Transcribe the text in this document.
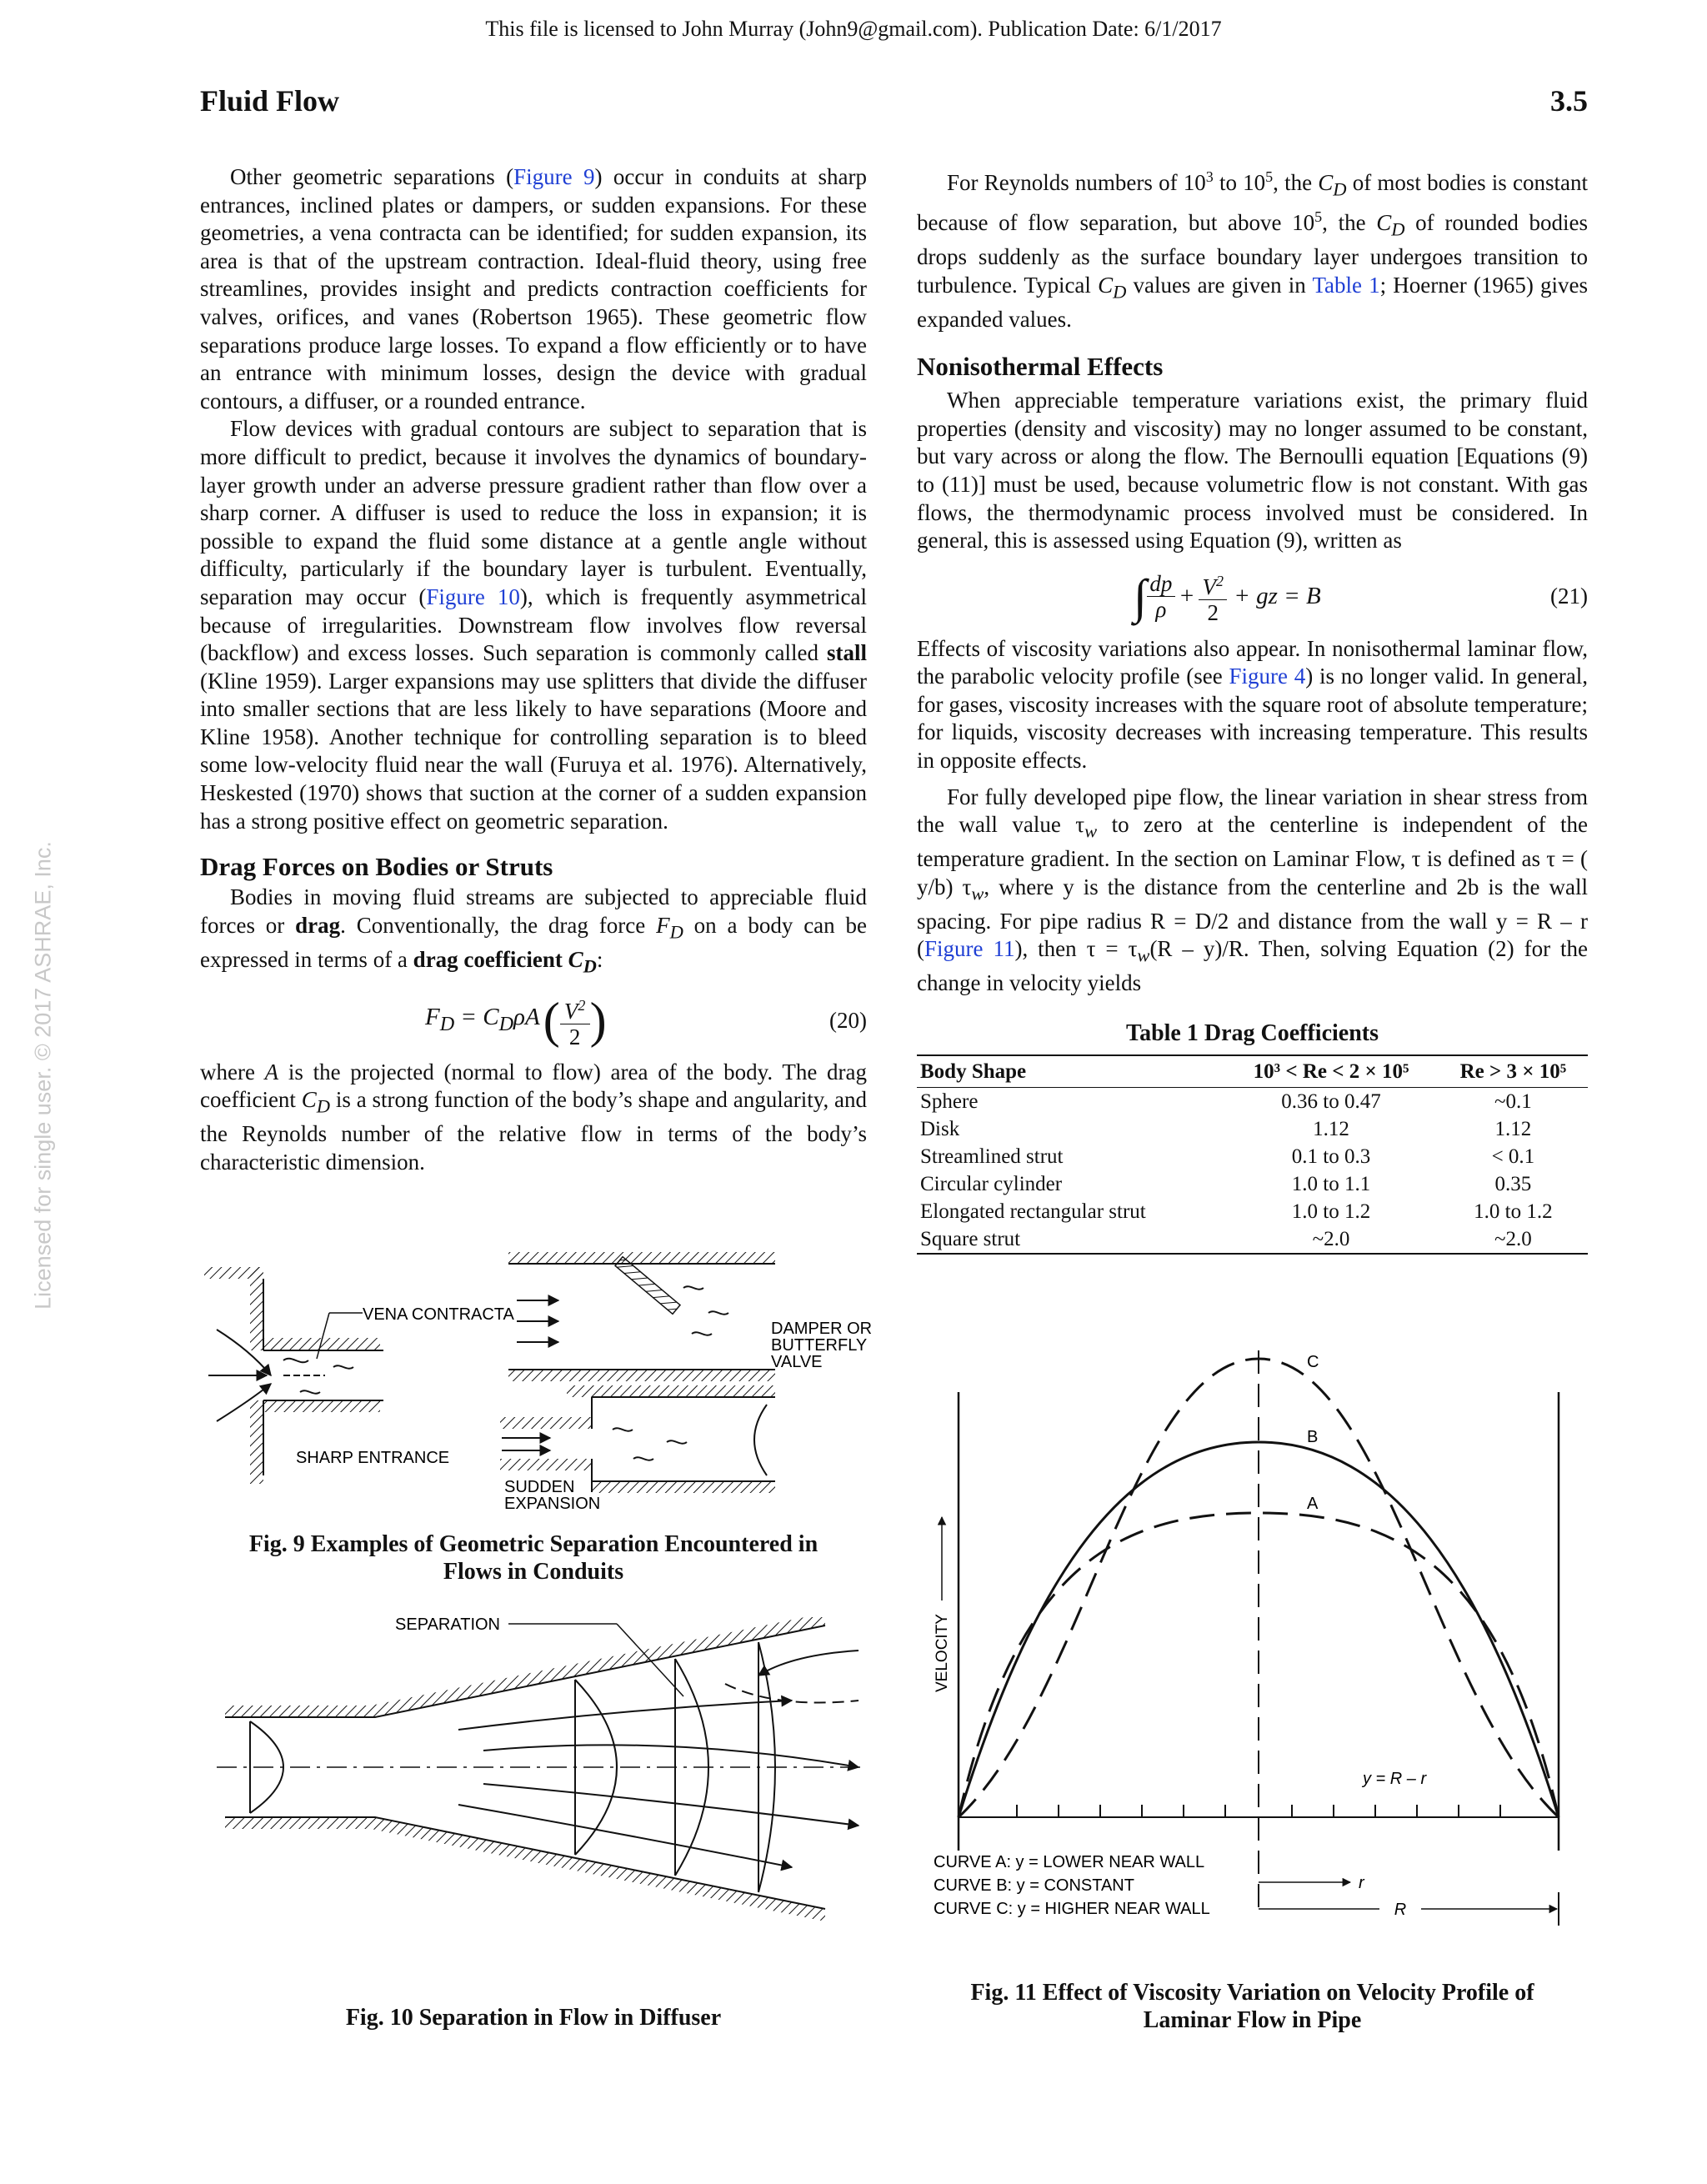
This file is licensed to John Murray (John9@gmail.com). Publication Date: 6/1/2017
Fluid Flow	3.5
Licensed for single user. © 2017 ASHRAE, Inc.

Other geometric separations (Figure 9) occur in conduits at sharp entrances, inclined plates or dampers, or sudden expansions. For these geometries, a vena contracta can be identified; for sudden expansion, its area is that of the upstream contraction. Ideal-fluid theory, using free streamlines, provides insight and predicts contraction coefficients for valves, orifices, and vanes (Robertson 1965). These geometric flow separations produce large losses. To expand a flow efficiently or to have an entrance with minimum losses, design the device with gradual contours, a diffuser, or a rounded entrance.

Flow devices with gradual contours are subject to separation that is more difficult to predict, because it involves the dynamics of boundary-layer growth under an adverse pressure gradient rather than flow over a sharp corner. A diffuser is used to reduce the loss in expansion; it is possible to expand the fluid some distance at a gentle angle without difficulty, particularly if the boundary layer is turbulent. Eventually, separation may occur (Figure 10), which is frequently asymmetrical because of irregularities. Downstream flow involves flow reversal (backflow) and excess losses. Such separation is commonly called stall (Kline 1959). Larger expansions may use splitters that divide the diffuser into smaller sections that are less likely to have separations (Moore and Kline 1958). Another technique for controlling separation is to bleed some low-velocity fluid near the wall (Furuya et al. 1976). Alternatively, Heskested (1970) shows that suction at the corner of a sudden expansion has a strong positive effect on geometric separation.

Drag Forces on Bodies or Struts

Bodies in moving fluid streams are subjected to appreciable fluid forces or drag. Conventionally, the drag force $F_D$ on a body can be expressed in terms of a drag coefficient $C_D$:

$F_D = C_D\rho A$ ( $V^2$
2 )	(20)
where A is the projected (normal to flow) area of the body. The drag coefficient $C_D$ is a strong function of the body’s shape and angularity, and the Reynolds number of the relative flow in terms of the body’s characteristic dimension.
VENA CONTRACTA
SHARP ENTRANCE
DAMPER OR
BUTTERFLY
VALVE
SUDDEN
EXPANSION
Fig. 9 Examples of Geometric Separation Encountered in
Flows in Conduits
SEPARATION
Fig. 10 Separation in Flow in Diffuser

For Reynolds numbers of $10^3$ to $10^5$, the $C_D$ of most bodies is constant because of flow separation, but above $10^5$, the $C_D$ of rounded bodies drops suddenly as the surface boundary layer undergoes transition to turbulence. Typical $C_D$ values are given in Table 1; Hoerner (1965) gives expanded values.

Nonisothermal Effects

When appreciable temperature variations exist, the primary fluid properties (density and viscosity) may no longer assumed to be constant, but vary across or along the flow. The Bernoulli equation [Equations (9) to (11)] must be used, because volumetric flow is not constant. With gas flows, the thermodynamic process involved must be considered. In general, this is assessed using Equation (9), written as

∫ dp
ρ
+ $\frac{V^2}{2}$ + gz = B	(21)
Effects of viscosity variations also appear. In nonisothermal laminar flow, the parabolic velocity profile (see Figure 4) is no longer valid. In general, for gases, viscosity increases with the square root of absolute temperature; for liquids, viscosity decreases with increasing temperature. This results in opposite effects.

For fully developed pipe flow, the linear variation in shear stress from the wall value $\tau_w$ to zero at the centerline is independent of the temperature gradient. In the section on Laminar Flow, τ is defined as τ = ( y/b) $\tau_w$, where y is the distance from the centerline and 2b is the wall spacing. For pipe radius R = D/2 and distance from the wall y = R – r (Figure 11), then $\tau = \tau_w(R - y)/R$. Then, solving Equation (2) for the change in velocity yields

Table 1 Drag Coefficients
Body Shape	10³ < Re < 2 × 10⁵	Re > 3 × 10⁵
Sphere	0.36 to 0.47	~0.1
Disk	1.12	1.12
Streamlined strut	0.1 to 0.3	< 0.1
Circular cylinder	1.0 to 1.1	0.35
Elongated rectangular strut	1.0 to 1.2	1.0 to 1.2
Square strut	~2.0	~2.0
A
B
C
VELOCITY
y = R – r
CURVE A: y = LOWER NEAR WALL
CURVE B: y = CONSTANT
CURVE C: y = HIGHER NEAR WALL
r
R
Fig. 11 Effect of Viscosity Variation on Velocity Profile of
Laminar Flow in Pipe
